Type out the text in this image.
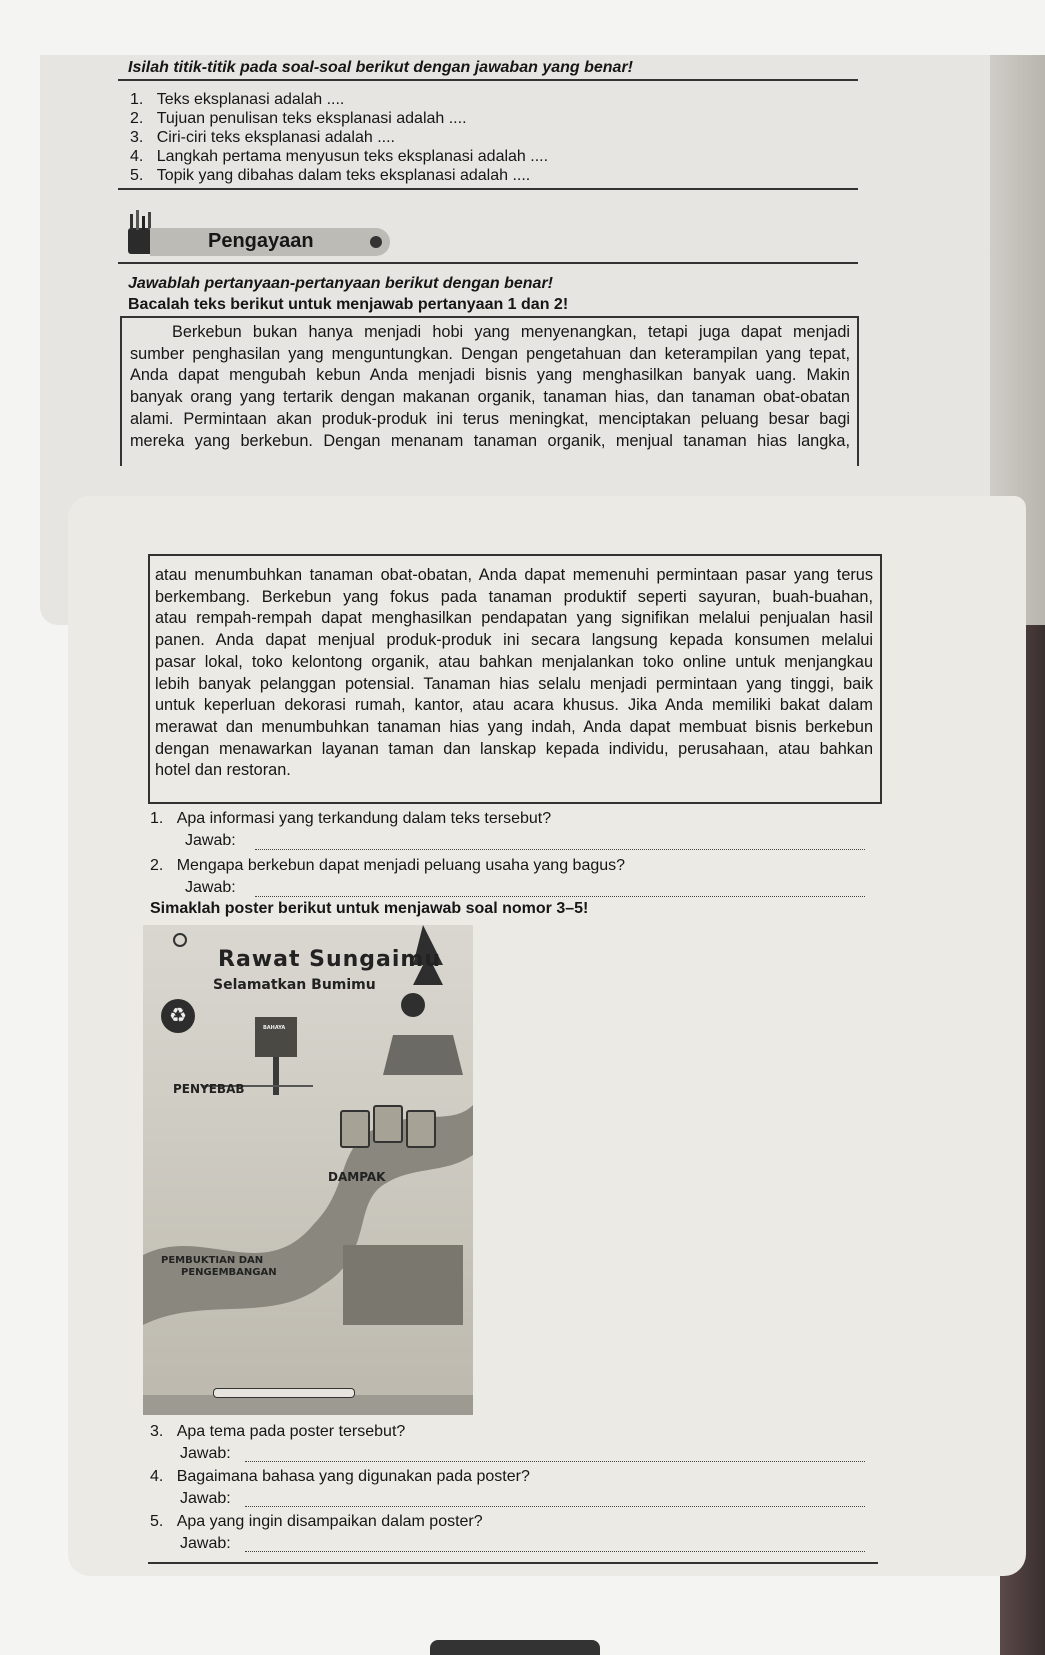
Isilah titik-titik pada soal-soal berikut dengan jawaban yang benar!
1. Teks eksplanasi adalah ....
2. Tujuan penulisan teks eksplanasi adalah ....
3. Ciri-ciri teks eksplanasi adalah ....
4. Langkah pertama menyusun teks eksplanasi adalah ....
5. Topik yang dibahas dalam teks eksplanasi adalah ....
Pengayaan
Jawablah pertanyaan-pertanyaan berikut dengan benar!
Bacalah teks berikut untuk menjawab pertanyaan 1 dan 2!
Berkebun bukan hanya menjadi hobi yang menyenangkan, tetapi juga dapat menjadi
sumber penghasilan yang menguntungkan. Dengan pengetahuan dan keterampilan yang tepat,
Anda dapat mengubah kebun Anda menjadi bisnis yang menghasilkan banyak uang. Makin
banyak orang yang tertarik dengan makanan organik, tanaman hias, dan tanaman obat-obatan
alami. Permintaan akan produk-produk ini terus meningkat, menciptakan peluang besar bagi
mereka yang berkebun. Dengan menanam tanaman organik, menjual tanaman hias langka,
atau menumbuhkan tanaman obat-obatan, Anda dapat memenuhi permintaan pasar yang terus
berkembang. Berkebun yang fokus pada tanaman produktif seperti sayuran, buah-buahan,
atau rempah-rempah dapat menghasilkan pendapatan yang signifikan melalui penjualan hasil
panen. Anda dapat menjual produk-produk ini secara langsung kepada konsumen melalui
pasar lokal, toko kelontong organik, atau bahkan menjalankan toko online untuk menjangkau
lebih banyak pelanggan potensial. Tanaman hias selalu menjadi permintaan yang tinggi, baik
untuk keperluan dekorasi rumah, kantor, atau acara khusus. Jika Anda memiliki bakat dalam
merawat dan menumbuhkan tanaman hias yang indah, Anda dapat membuat bisnis berkebun
dengan menawarkan layanan taman dan lanskap kepada individu, perusahaan, atau bahkan
hotel dan restoran.
1. Apa informasi yang terkandung dalam teks tersebut?
Jawab:
2. Mengapa berkebun dapat menjadi peluang usaha yang bagus?
Jawab:
Simaklah poster berikut untuk menjawab soal nomor 3–5!
Rawat Sungaimu
Selamatkan Bumimu
♻
BAHAYA
PENYEBAB
DAMPAK
PEMBUKTIAN DAN
PENGEMBANGAN
3. Apa tema pada poster tersebut?
Jawab:
4. Bagaimana bahasa yang digunakan pada poster?
Jawab:
5. Apa yang ingin disampaikan dalam poster?
Jawab:
